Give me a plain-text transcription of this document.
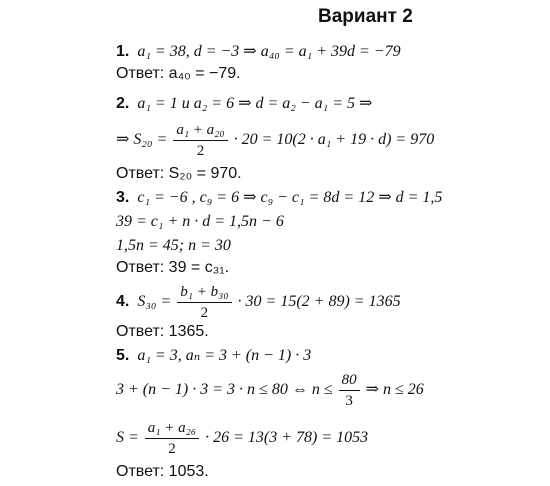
Вариант 2
1. a₁ = 38, d = −3 ⇒ a₄₀ = a₁ + 39d = −79
Ответ: a₄₀ = −79.
2. a₁ = 1 и a₂ = 6 ⇒ d = a₂ − a₁ = 5 ⇒
⇒ $S_{20} = \frac{\text{a₁ + a₂₀}}{2} \cdot 20 = 10(2 \cdot a_1 + 19 \cdot d) = 970$
Ответ: S₂₀ = 970.
3. c₁ = −6 , c₉ = 6 ⇒ c₉ − c₁ = 8d = 12 ⇒ d = 1,5
39 = c₁ + n · d = 1,5n − 6
1,5n = 45; n = 30
Ответ: 39 = c₃₁.
4. $S_{30} = \frac{\text{b₁ + b₃₀}}{2} \cdot 30 = 15(2 + 89) = 1365$
Ответ: 1365.
5. a₁ = 3, aₙ = 3 + (n − 1) · 3
3 + (n − 1) · 3 = 3 · n ≤ 80 ⇔ $n \le \frac{80}{3}$ ⇒ n ≤ 26
$S = \frac{\text{a₁ + a₂₆}}{2} \cdot 26 = 13(3 + 78) = 1053$
Ответ: 1053.
